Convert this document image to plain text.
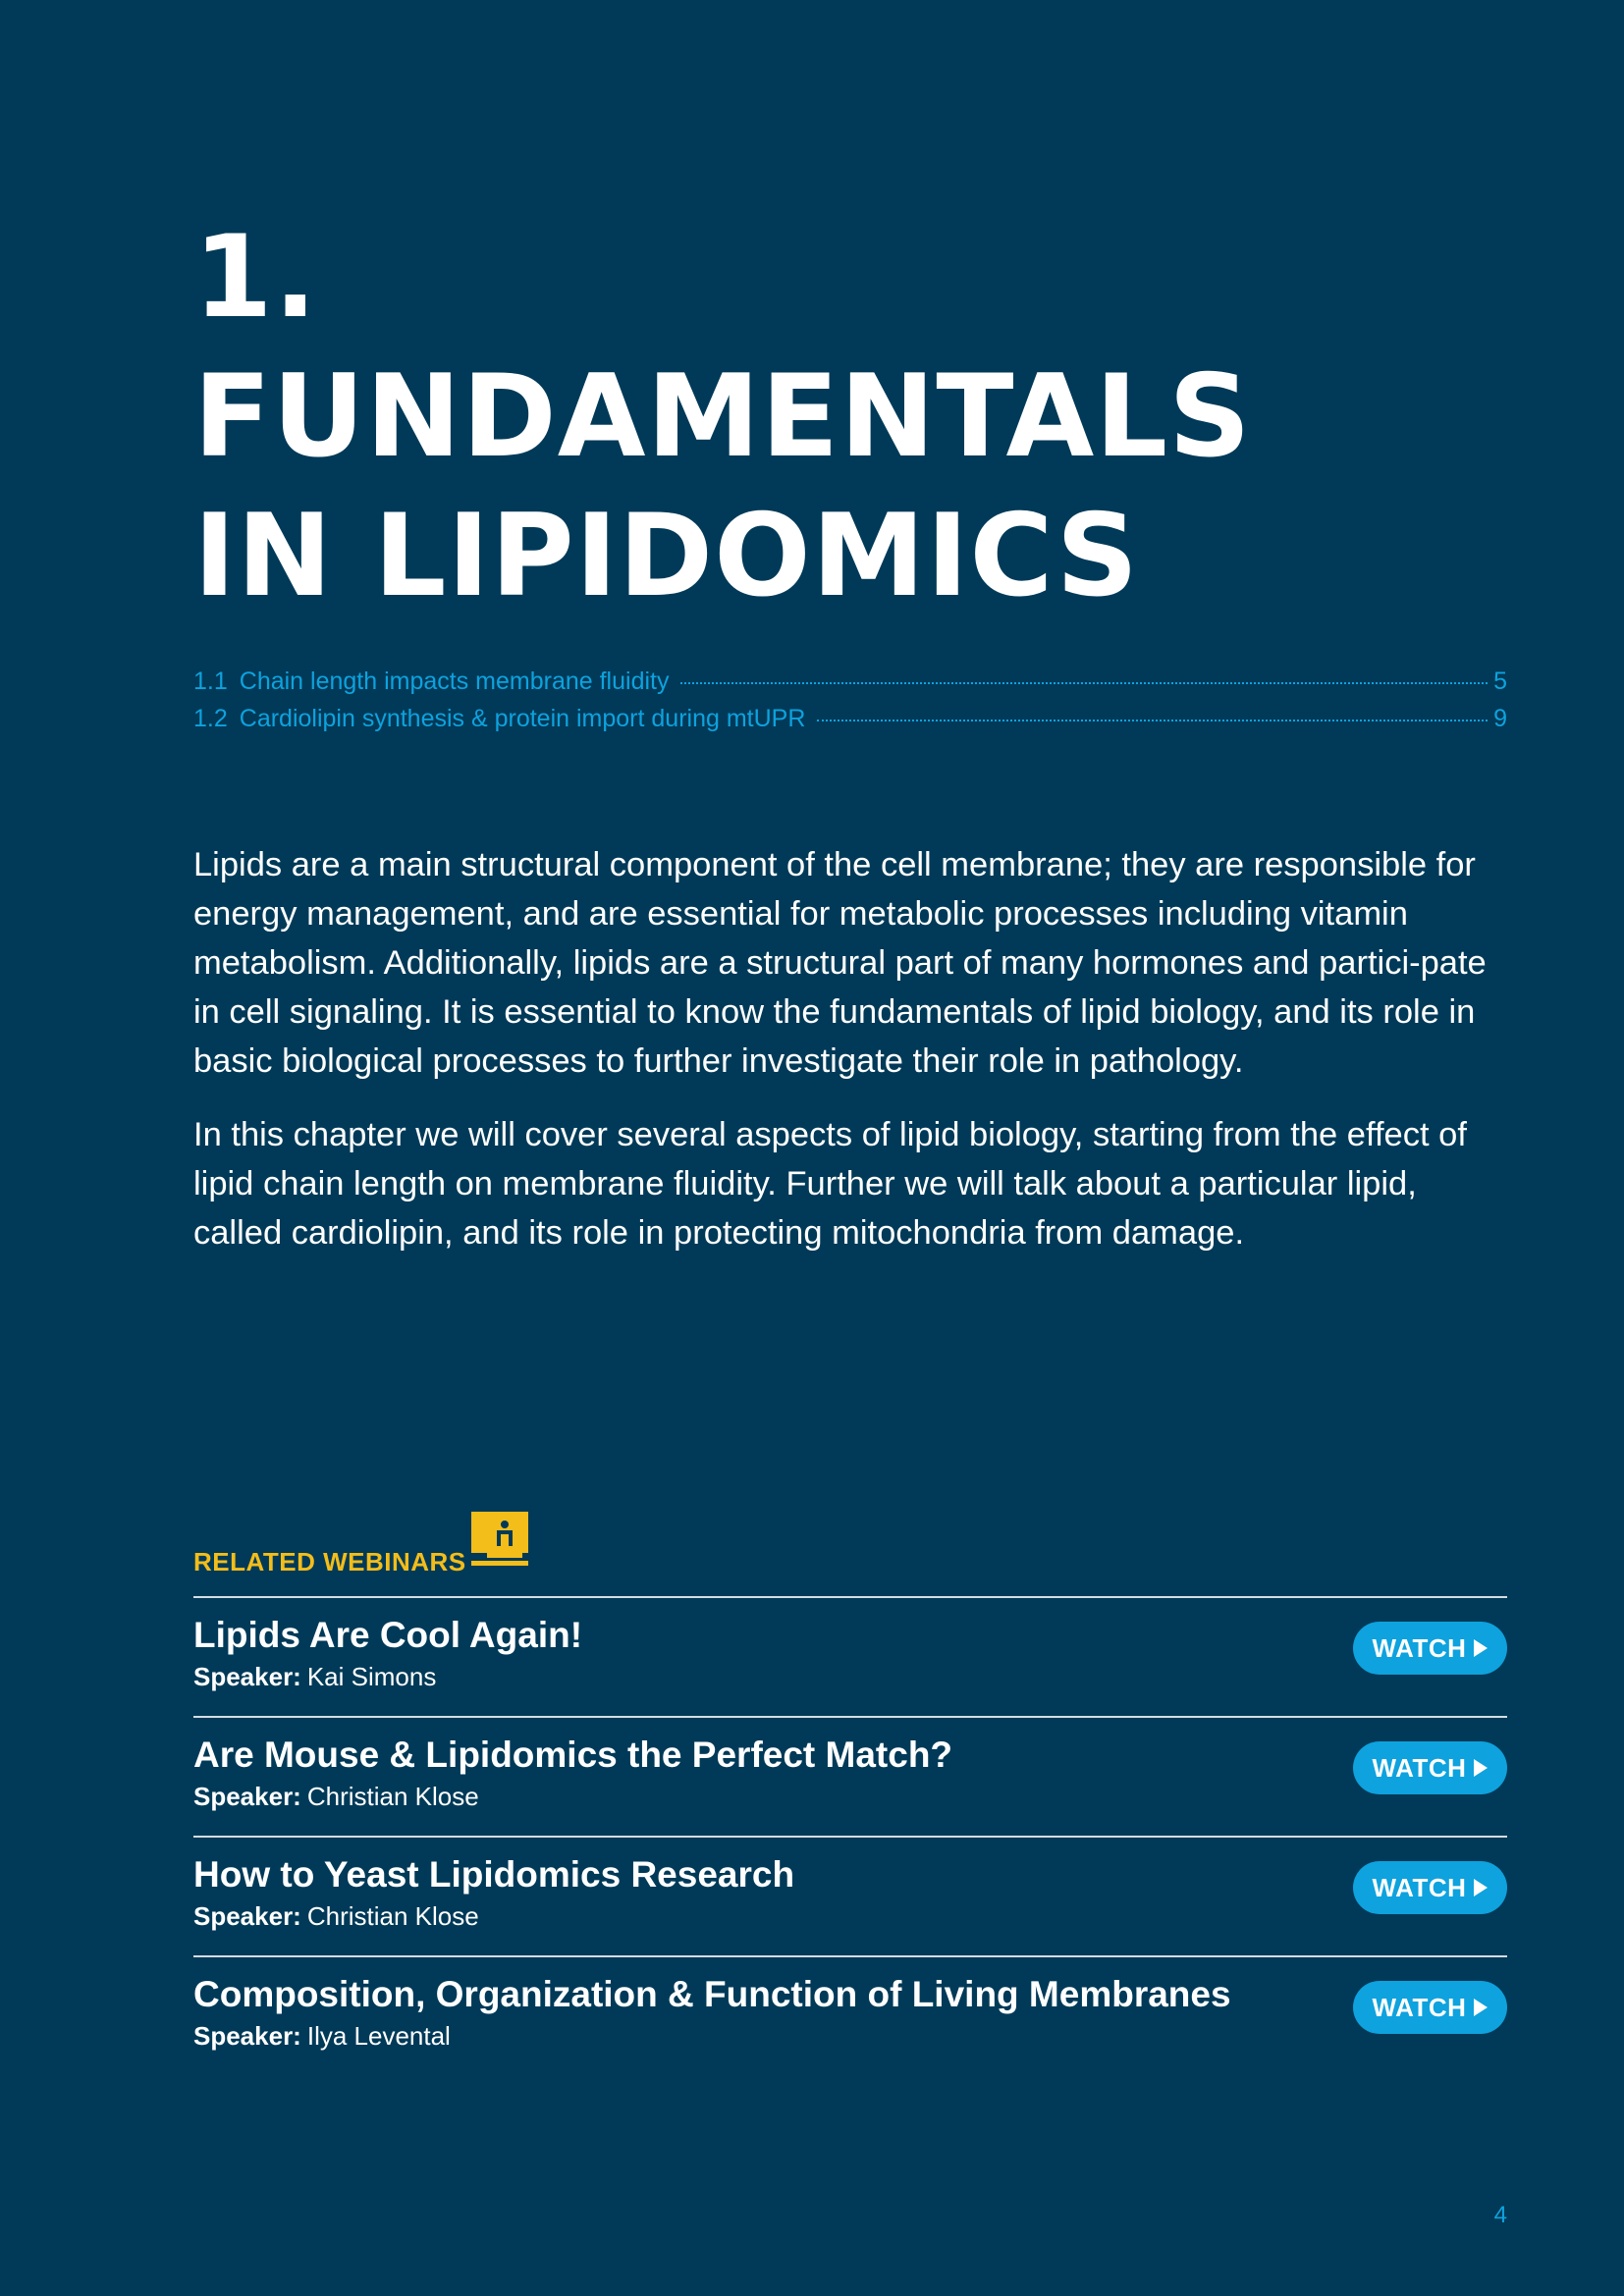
1.
FUNDAMENTALS
IN LIPIDOMICS
1.1 Chain length impacts membrane fluidity	5
1.2 Cardiolipin synthesis & protein import during mtUPR	9

Lipids are a main structural component of the cell membrane; they are responsible for energy management, and are essential for metabolic processes including vitamin metabolism. Additionally, lipids are a structural part of many hormones and partici-pate in cell signaling. It is essential to know the fundamentals of lipid biology, and its role in basic biological processes to further investigate their role in pathology.

In this chapter we will cover several aspects of lipid biology, starting from the effect of lipid chain length on membrane fluidity. Further we will talk about a particular lipid, called cardiolipin, and its role in protecting mitochondria from damage.

RELATED WEBINARS
Lipids Are Cool Again!
Speaker: Kai Simons
WATCH
Are Mouse & Lipidomics the Perfect Match?
Speaker: Christian Klose
WATCH
How to Yeast Lipidomics Research
Speaker: Christian Klose
WATCH
Composition, Organization & Function of Living Membranes
Speaker: Ilya Levental
WATCH
4
